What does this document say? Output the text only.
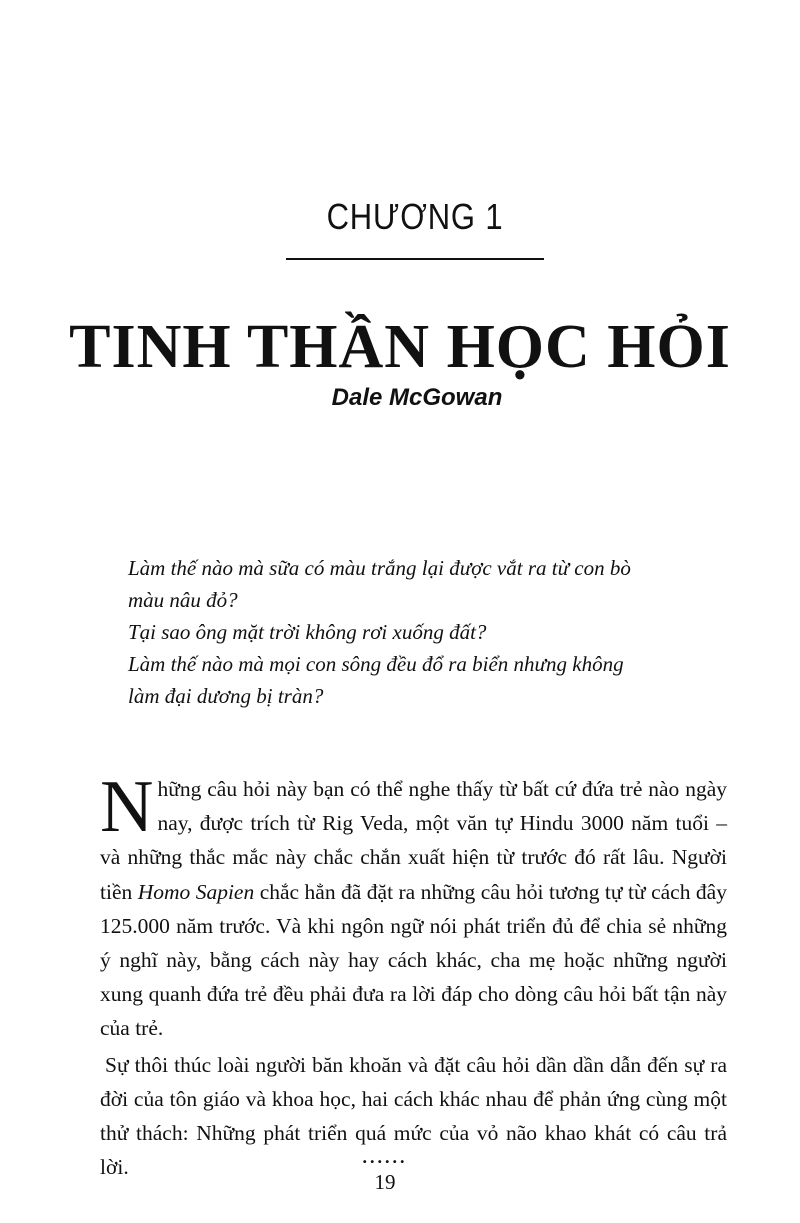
CHƯƠNG 1
TINH THẦN HỌC HỎI
Dale McGowan
Làm thế nào mà sữa có màu trắng lại được vắt ra từ con bò
màu nâu đỏ?
Tại sao ông mặt trời không rơi xuống đất?
Làm thế nào mà mọi con sông đều đổ ra biển nhưng không
làm đại dương bị tràn?

Những câu hỏi này bạn có thể nghe thấy từ bất cứ đứa trẻ nào ngày nay, được trích từ Rig Veda, một văn tự Hindu 3000 năm tuổi – và những thắc mắc này chắc chắn xuất hiện từ trước đó rất lâu. Người tiền Homo Sapien chắc hẳn đã đặt ra những câu hỏi tương tự từ cách đây 125.000 năm trước. Và khi ngôn ngữ nói phát triển đủ để chia sẻ những ý nghĩ này, bằng cách này hay cách khác, cha mẹ hoặc những người xung quanh đứa trẻ đều phải đưa ra lời đáp cho dòng câu hỏi bất tận này của trẻ.

Sự thôi thúc loài người băn khoăn và đặt câu hỏi dần dần dẫn đến sự ra đời của tôn giáo và khoa học, hai cách khác nhau để phản ứng cùng một thử thách: Những phát triển quá mức của vỏ não khao khát có câu trả lời.	......
19
